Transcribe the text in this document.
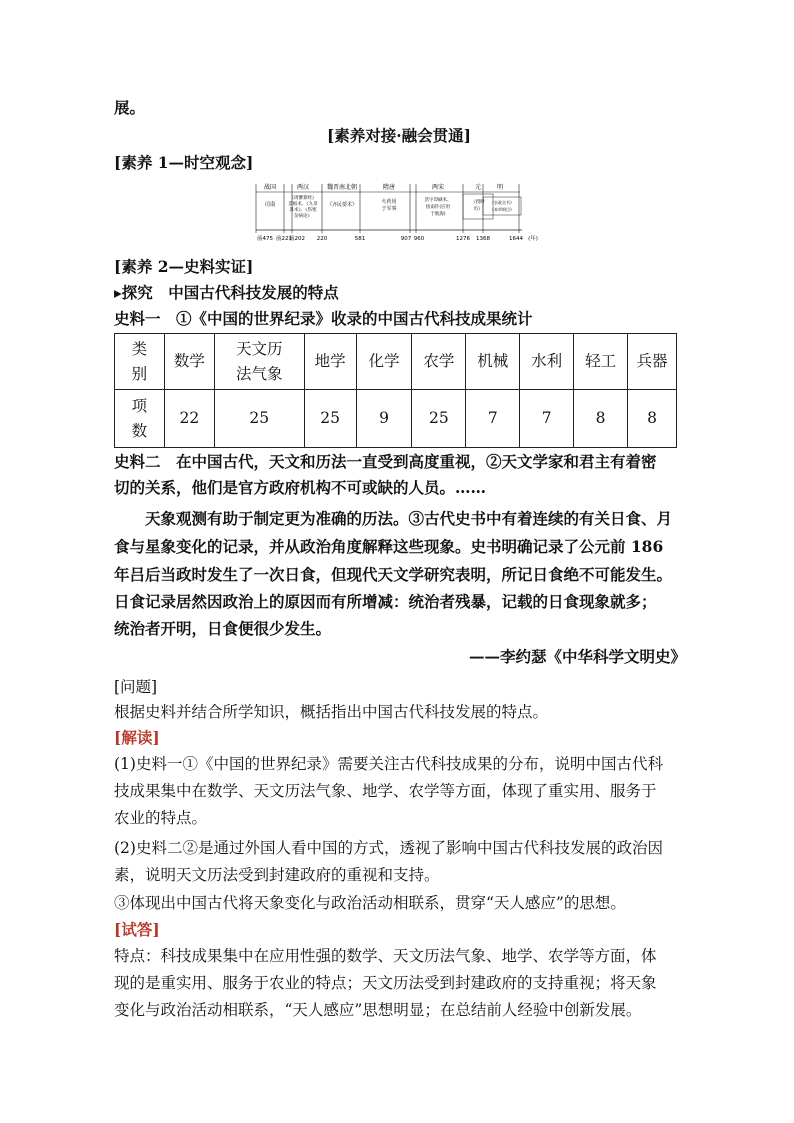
展。
[素养对接·融会贯通]
[素养 1—时空观念]
战国	两汉	魏晋南北朝	隋唐	两宋	元	明
司南
《周髀算经》
造纸术、《九章
算术》、《伤寒
杂病论》
《齐民要术》	火药用
于军事
活字印刷术、
指南针(应用
于航海)
《授时
历》
《农政全书》
《本草纲目》
前475 前221
前202 220	581	907 960	1276 1368	1644 (年)
[素养 2—史料实证]
▸探究　中国古代科技发展的特点
史料一　①《中国的世界纪录》收录的中国古代科技成果统计
类别	数学	天文历法气象	地学	化学	农学	机械	水利	轻工	兵器
项数	22	25	25	9	25	7	7	8	8
史料二　在中国古代，天文和历法一直受到高度重视，②天文学家和君主有着密
切的关系，他们是官方政府机构不可或缺的人员。……
天象观测有助于制定更为准确的历法。③古代史书中有着连续的有关日食、月
食与星象变化的记录，并从政治角度解释这些现象。史书明确记录了公元前 186
年吕后当政时发生了一次日食，但现代天文学研究表明，所记日食绝不可能发生。
日食记录居然因政治上的原因而有所增减：统治者残暴，记载的日食现象就多；
统治者开明，日食便很少发生。
——李约瑟《中华科学文明史》
[问题]
根据史料并结合所学知识，概括指出中国古代科技发展的特点。
[解读]
(1)史料一①《中国的世界纪录》需要关注古代科技成果的分布，说明中国古代科
技成果集中在数学、天文历法气象、地学、农学等方面，体现了重实用、服务于
农业的特点。
(2)史料二②是通过外国人看中国的方式，透视了影响中国古代科技发展的政治因
素，说明天文历法受到封建政府的重视和支持。
③体现出中国古代将天象变化与政治活动相联系，贯穿“天人感应”的思想。
[试答]
特点：科技成果集中在应用性强的数学、天文历法气象、地学、农学等方面，体
现的是重实用、服务于农业的特点；天文历法受到封建政府的支持重视；将天象
变化与政治活动相联系，“天人感应”思想明显；在总结前人经验中创新发展。
